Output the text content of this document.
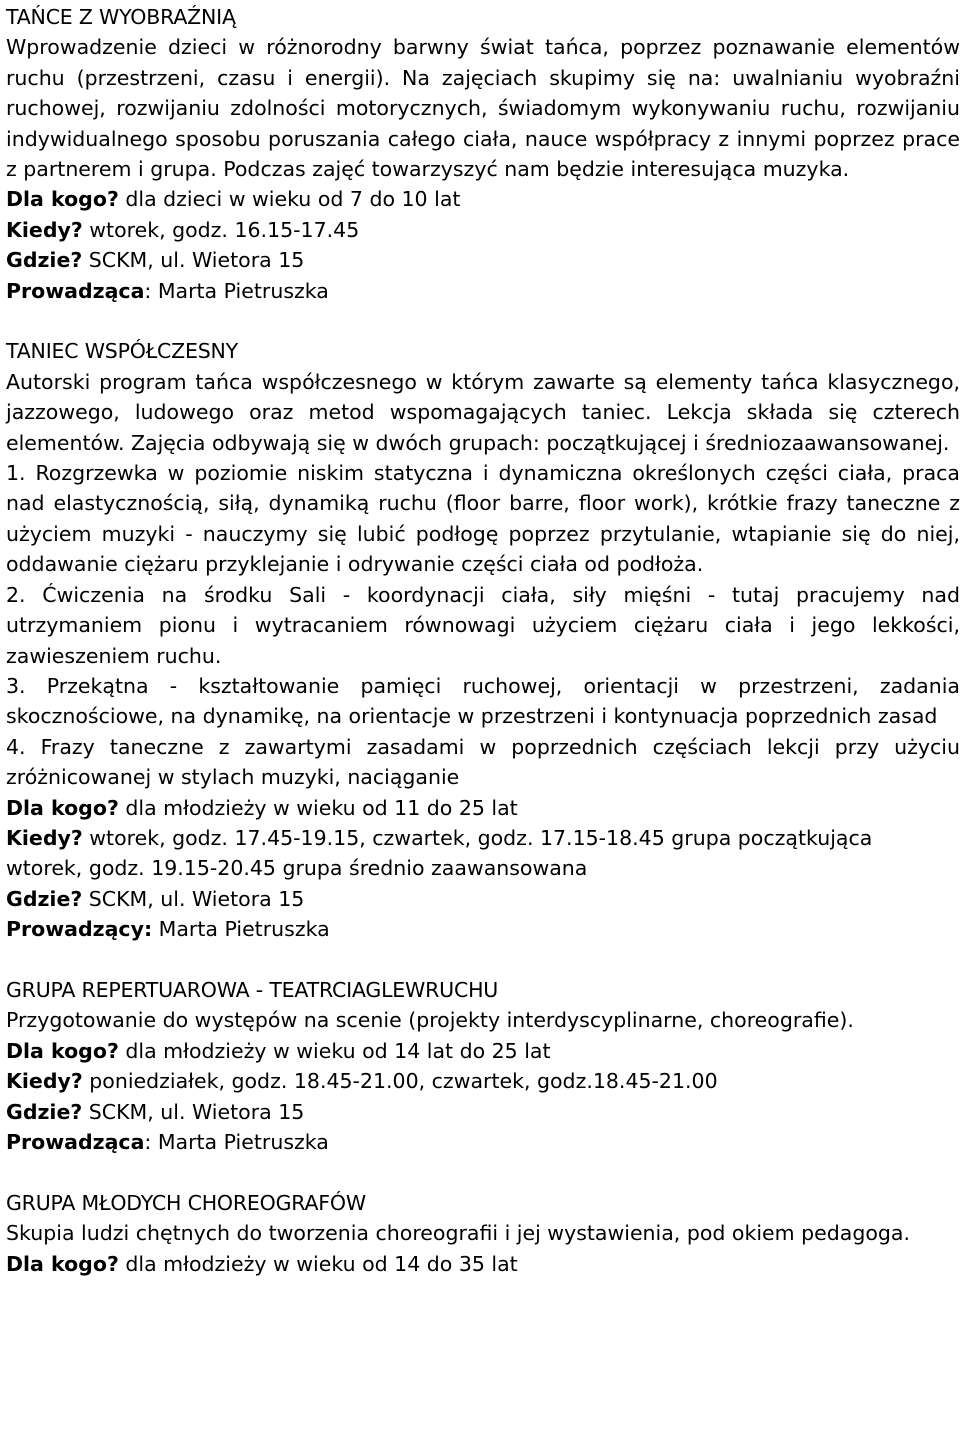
TAŃCE Z WYOBRAŹNIĄ

Wprowadzenie dzieci w różnorodny barwny świat tańca, poprzez poznawanie elementów ruchu (przestrzeni, czasu i energii). Na zajęciach skupimy się na: uwalnianiu wyobraźni ruchowej, rozwijaniu zdolności motorycznych, świadomym wykonywaniu ruchu, rozwijaniu indywidualnego sposobu poruszania całego ciała, nauce współpracy z innymi poprzez prace z partnerem i grupa. Podczas zajęć towarzyszyć nam będzie interesująca muzyka.

Dla kogo? dla dzieci w wieku od 7 do 10 lat
Kiedy? wtorek, godz. 16.15-17.45
Gdzie? SCKM, ul. Wietora 15
Prowadząca: Marta Pietruszka
TANIEC WSPÓŁCZESNY

Autorski program tańca współczesnego w którym zawarte są elementy tańca klasycznego, jazzowego, ludowego oraz metod wspomagających taniec. Lekcja składa się czterech elementów. Zajęcia odbywają się w dwóch grupach: początkującej i średniozaawansowanej.

1. Rozgrzewka w poziomie niskim statyczna i dynamiczna określonych części ciała, praca nad elastycznością, siłą, dynamiką ruchu (floor barre, floor work), krótkie frazy taneczne z użyciem muzyki - nauczymy się lubić podłogę poprzez przytulanie, wtapianie się do niej, oddawanie ciężaru przyklejanie i odrywanie części ciała od podłoża.

2. Ćwiczenia na środku Sali - koordynacji ciała, siły mięśni - tutaj pracujemy nad utrzymaniem pionu i wytracaniem równowagi użyciem ciężaru ciała i jego lekkości, zawieszeniem ruchu.

3. Przekątna - kształtowanie pamięci ruchowej, orientacji w przestrzeni, zadania skocznościowe, na dynamikę, na orientacje w przestrzeni i kontynuacja poprzednich zasad

4. Frazy taneczne z zawartymi zasadami w poprzednich częściach lekcji przy użyciu zróżnicowanej w stylach muzyki, naciąganie

Dla kogo? dla młodzieży w wieku od 11 do 25 lat
Kiedy? wtorek, godz. 17.45-19.15, czwartek, godz. 17.15-18.45 grupa początkująca
wtorek, godz. 19.15-20.45 grupa średnio zaawansowana
Gdzie? SCKM, ul. Wietora 15
Prowadzący: Marta Pietruszka
GRUPA REPERTUAROWA - TEATRCIAGLEWRUCHU

Przygotowanie do występów na scenie (projekty interdyscyplinarne, choreografie).

Dla kogo? dla młodzieży w wieku od 14 lat do 25 lat
Kiedy? poniedziałek, godz. 18.45-21.00, czwartek, godz.18.45-21.00
Gdzie? SCKM, ul. Wietora 15
Prowadząca: Marta Pietruszka
GRUPA MŁODYCH CHOREOGRAFÓW

Skupia ludzi chętnych do tworzenia choreografii i jej wystawienia, pod okiem pedagoga.

Dla kogo? dla młodzieży w wieku od 14 do 35 lat
